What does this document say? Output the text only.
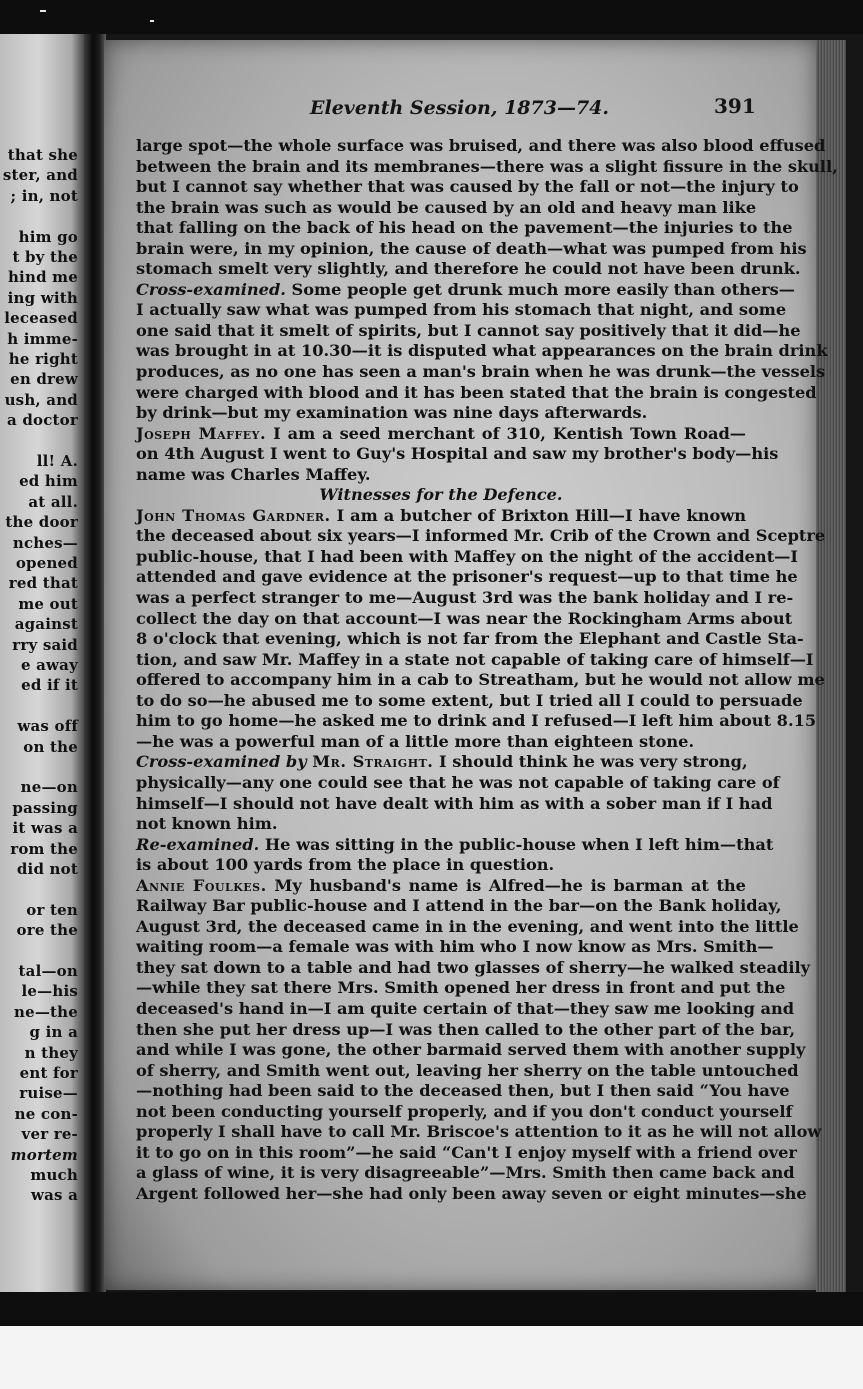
that she
ster, and
; in, not
him go
t by the
hind me
ing with
leceased
h imme-
he right
en drew
ush, and
a doctor
ll! A.
ed him
at all.
the door
nches—
opened
red that
me out
against
rry said
e away
ed if it
was off
on the
ne—on
passing
it was a
rom the
did not
or ten
ore the
tal—on
le—his
ne—the
g in a
n they
ent for
ruise—
ne con-
ver re-
mortem
much
was a
Eleventh Session, 1873—74.	391
large spot—the whole surface was bruised, and there was also blood effused
between the brain and its membranes—there was a slight fissure in the skull,
but I cannot say whether that was caused by the fall or not—the injury to
the brain was such as would be caused by an old and heavy man like
that falling on the back of his head on the pavement—the injuries to the
brain were, in my opinion, the cause of death—what was pumped from his
stomach smelt very slightly, and therefore he could not have been drunk.
Cross-examined. Some people get drunk much more easily than others—
I actually saw what was pumped from his stomach that night, and some
one said that it smelt of spirits, but I cannot say positively that it did—he
was brought in at 10.30—it is disputed what appearances on the brain drink
produces, as no one has seen a man's brain when he was drunk—the vessels
were charged with blood and it has been stated that the brain is congested
by drink—but my examination was nine days afterwards.
Joseph Maffey. I am a seed merchant of 310, Kentish Town Road—
on 4th August I went to Guy's Hospital and saw my brother's body—his
name was Charles Maffey.
Witnesses for the Defence.
John Thomas Gardner. I am a butcher of Brixton Hill—I have known
the deceased about six years—I informed Mr. Crib of the Crown and Sceptre
public-house, that I had been with Maffey on the night of the accident—I
attended and gave evidence at the prisoner's request—up to that time he
was a perfect stranger to me—August 3rd was the bank holiday and I re-
collect the day on that account—I was near the Rockingham Arms about
8 o'clock that evening, which is not far from the Elephant and Castle Sta-
tion, and saw Mr. Maffey in a state not capable of taking care of himself—I
offered to accompany him in a cab to Streatham, but he would not allow me
to do so—he abused me to some extent, but I tried all I could to persuade
him to go home—he asked me to drink and I refused—I left him about 8.15
—he was a powerful man of a little more than eighteen stone.
Cross-examined by Mr. Straight. I should think he was very strong,
physically—any one could see that he was not capable of taking care of
himself—I should not have dealt with him as with a sober man if I had
not known him.
Re-examined. He was sitting in the public-house when I left him—that
is about 100 yards from the place in question.
Annie Foulkes. My husband's name is Alfred—he is barman at the
Railway Bar public-house and I attend in the bar—on the Bank holiday,
August 3rd, the deceased came in in the evening, and went into the little
waiting room—a female was with him who I now know as Mrs. Smith—
they sat down to a table and had two glasses of sherry—he walked steadily
—while they sat there Mrs. Smith opened her dress in front and put the
deceased's hand in—I am quite certain of that—they saw me looking and
then she put her dress up—I was then called to the other part of the bar,
and while I was gone, the other barmaid served them with another supply
of sherry, and Smith went out, leaving her sherry on the table untouched
—nothing had been said to the deceased then, but I then said “You have
not been conducting yourself properly, and if you don't conduct yourself
properly I shall have to call Mr. Briscoe's attention to it as he will not allow
it to go on in this room”—he said “Can't I enjoy myself with a friend over
a glass of wine, it is very disagreeable”—Mrs. Smith then came back and
Argent followed her—she had only been away seven or eight minutes—she
